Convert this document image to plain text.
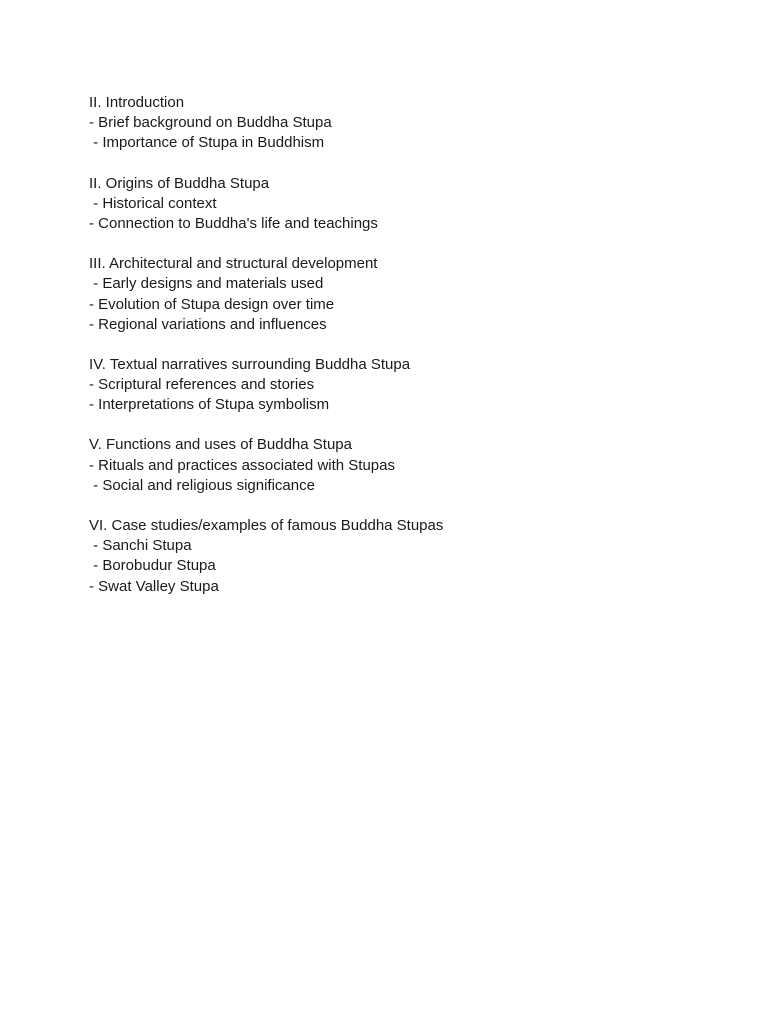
II. Introduction
- Brief background on Buddha Stupa
- Importance of Stupa in Buddhism
II. Origins of Buddha Stupa
- Historical context
- Connection to Buddha's life and teachings
III. Architectural and structural development
- Early designs and materials used
- Evolution of Stupa design over time
- Regional variations and influences
IV. Textual narratives surrounding Buddha Stupa
- Scriptural references and stories
- Interpretations of Stupa symbolism
V. Functions and uses of Buddha Stupa
- Rituals and practices associated with Stupas
- Social and religious significance
VI. Case studies/examples of famous Buddha Stupas
- Sanchi Stupa
- Borobudur Stupa
- Swat Valley Stupa
